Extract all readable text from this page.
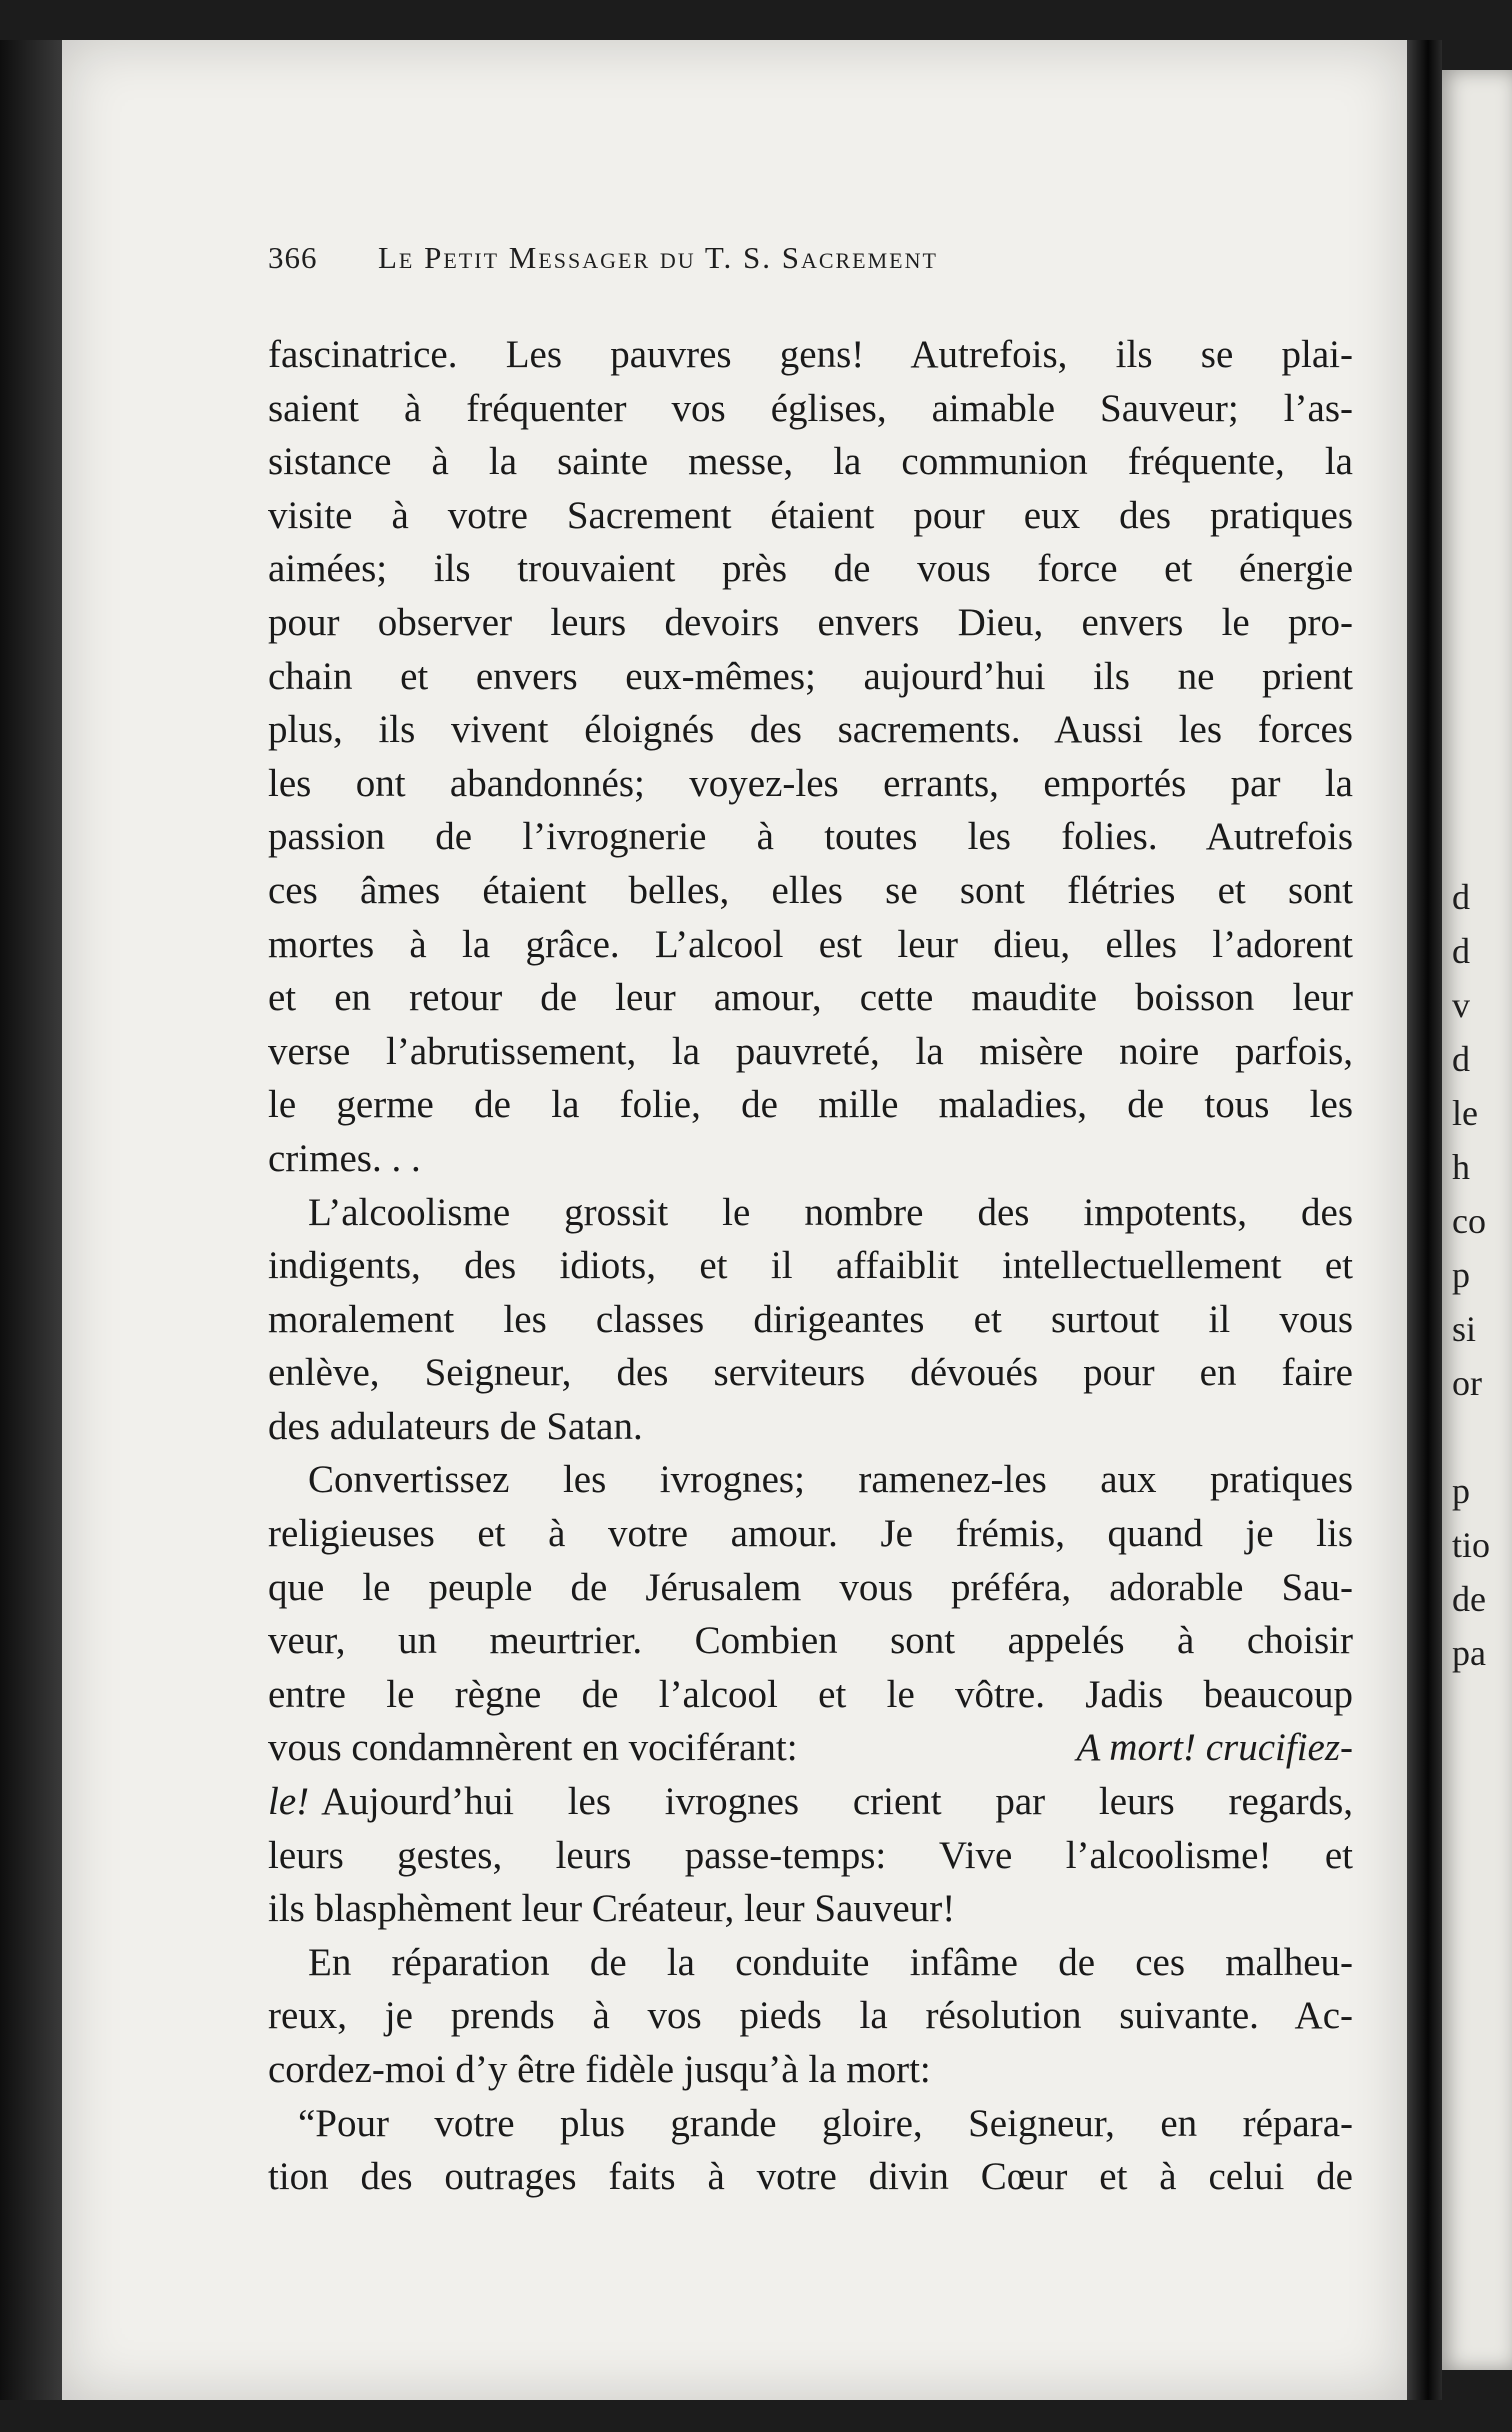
d
d
v
d
le
h
co
p
si
or
p
tio
de
pa
366	Le Petit Messager du T. S. Sacrement
fascinatrice. Les pauvres gens! Autrefois, ils se plai-
saient à fréquenter vos églises, aimable Sauveur; l’as-
sistance à la sainte messe, la communion fréquente, la
visite à votre Sacrement étaient pour eux des pratiques
aimées; ils trouvaient près de vous force et énergie
pour observer leurs devoirs envers Dieu, envers le pro-
chain et envers eux-mêmes; aujourd’hui ils ne prient
plus, ils vivent éloignés des sacrements. Aussi les forces
les ont abandonnés; voyez-les errants, emportés par la
passion de l’ivrognerie à toutes les folies. Autrefois
ces âmes étaient belles, elles se sont flétries et sont
mortes à la grâce. L’alcool est leur dieu, elles l’adorent
et en retour de leur amour, cette maudite boisson leur
verse l’abrutissement, la pauvreté, la misère noire parfois,
le germe de la folie, de mille maladies, de tous les
crimes. . .
L’alcoolisme grossit le nombre des impotents, des
indigents, des idiots, et il affaiblit intellectuellement et
moralement les classes dirigeantes et surtout il vous
enlève, Seigneur, des serviteurs dévoués pour en faire
des adulateurs de Satan.
Convertissez les ivrognes; ramenez-les aux pratiques
religieuses et à votre amour. Je frémis, quand je lis
que le peuple de Jérusalem vous préféra, adorable Sau-
veur, un meurtrier. Combien sont appelés à choisir
entre le règne de l’alcool et le vôtre. Jadis beaucoup
vous condamnèrent en vociférant:	A mort! crucifiez-
le! Aujourd’hui les ivrognes crient par leurs regards,
leurs gestes, leurs passe-temps: Vive l’alcoolisme! et
ils blasphèment leur Créateur, leur Sauveur!
En réparation de la conduite infâme de ces malheu-
reux, je prends à vos pieds la résolution suivante. Ac-
cordez-moi d’y être fidèle jusqu’à la mort:
“Pour votre plus grande gloire, Seigneur, en répara-
tion des outrages faits à votre divin Cœur et à celui de
